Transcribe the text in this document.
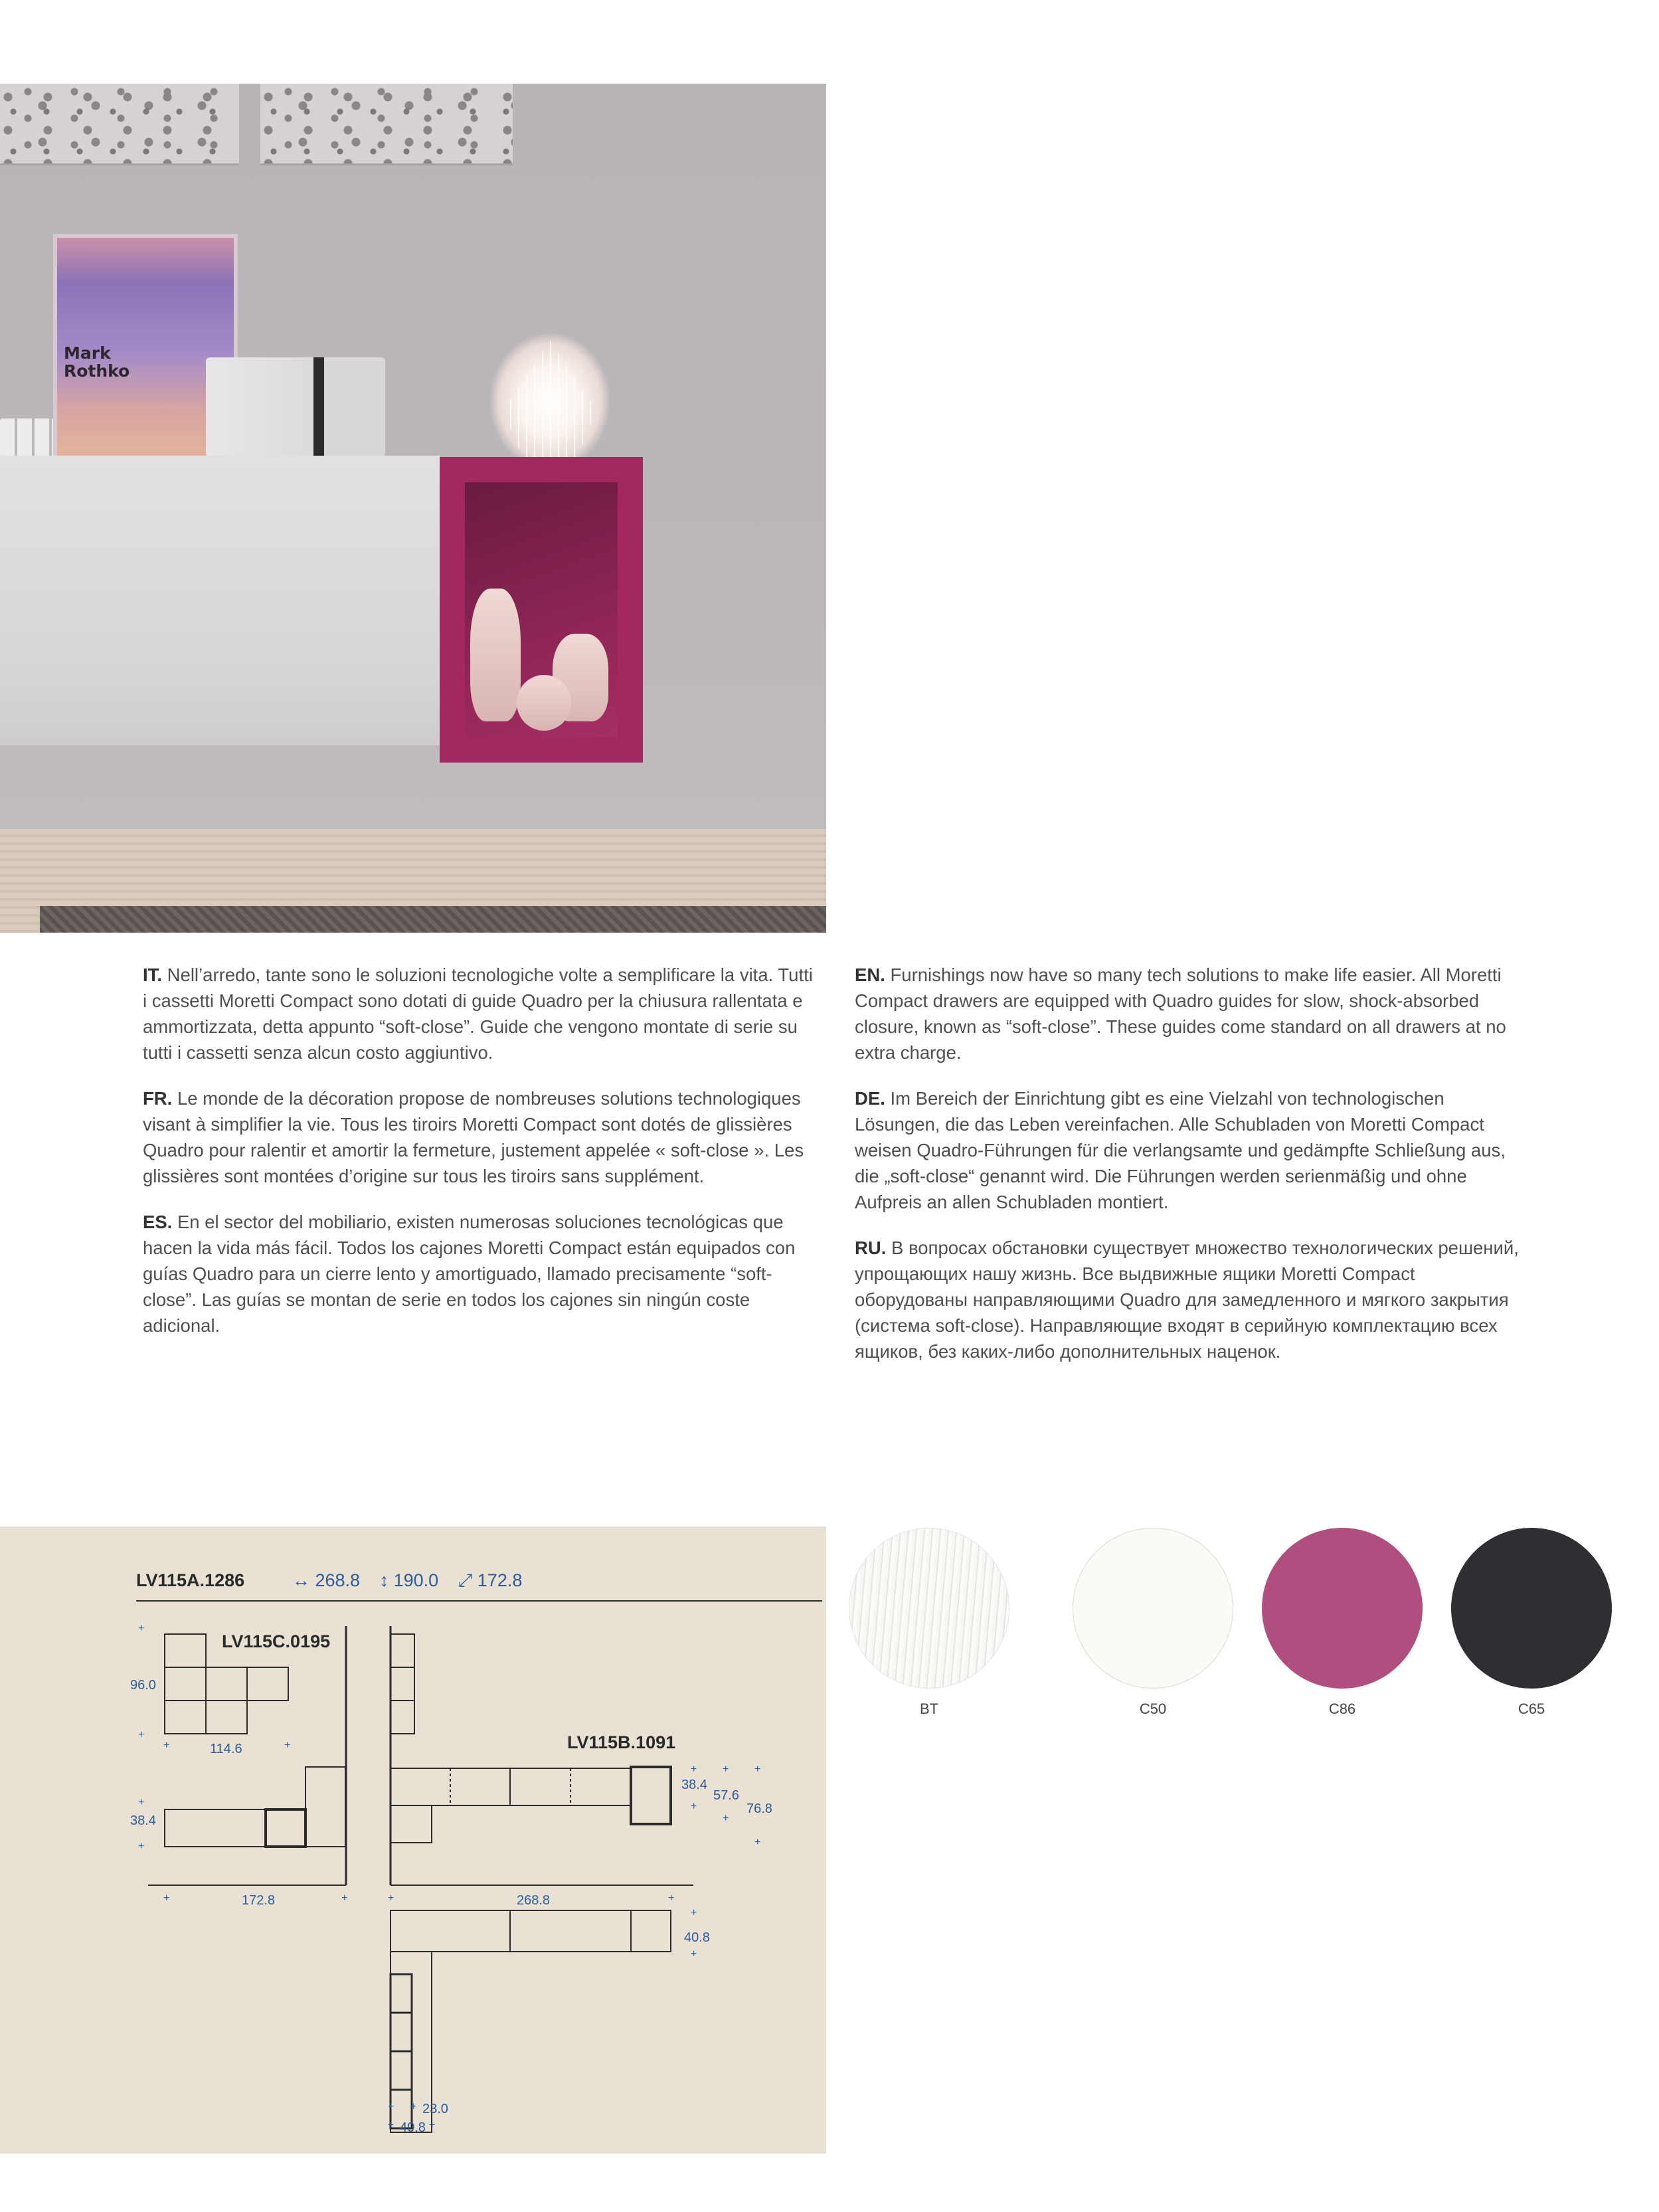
Mark
Rothko

IT. Nell’arredo, tante sono le soluzioni tecnologiche volte a semplificare la vita. Tutti i cassetti Moretti Compact sono dotati di guide Quadro per la chiusura rallentata e ammortizzata, detta appunto “soft-close”. Guide che vengono montate di serie su tutti i cassetti senza alcun costo aggiuntivo.

FR. Le monde de la décoration propose de nombreuses solutions technologiques visant à simplifier la vie. Tous les tiroirs Moretti Compact sont dotés de glissières Quadro pour ralentir et amortir la fermeture, justement appelée « soft-close ». Les glissières sont montées d’origine sur tous les tiroirs sans supplément.

ES. En el sector del mobiliario, existen numerosas soluciones tecnológicas que hacen la vida más fácil. Todos los cajones Moretti Compact están equipados con guías Quadro para un cierre lento y amortiguado, llamado precisamente “soft-close”. Las guías se montan de serie en todos los cajones sin ningún coste adicional.

EN. Furnishings now have so many tech solutions to make life easier. All Moretti Compact drawers are equipped with Quadro guides for slow, shock-absorbed closure, known as “soft-close”. These guides come standard on all drawers at no extra charge.

DE. Im Bereich der Einrichtung gibt es eine Vielzahl von technologischen Lösungen, die das Leben vereinfachen. Alle Schubladen von Moretti Compact weisen Quadro-Führungen für die verlangsamte und gedämpfte Schließung aus, die „soft-close“ genannt wird. Die Führungen werden serienmäßig und ohne Aufpreis an allen Schubladen montiert.

RU. В вопросах обстановки существует множество технологических решений, упрощающих нашу жизнь. Все выдвижные ящики Moretti Compact оборудованы направляющими Quadro для замедленного и мягкого закрытия (система soft-close). Направляющие входят в серийную комплектацию всех ящиков, без каких-либо дополнительных наценок.

+
+
+	+
+
+
+	+	+	+
+
+
+ + +
+
+
+
+ +
+	+
LV115A.1286	↔ 268.8 ↕ 190.0 ⤢ 172.8
LV115C.0195
LV115B.1091
96.0
114.6
38.4
172.8	268.8
38.4
57.6
76.8
40.8
23.0
40.8
BT	C50	C86	C65
